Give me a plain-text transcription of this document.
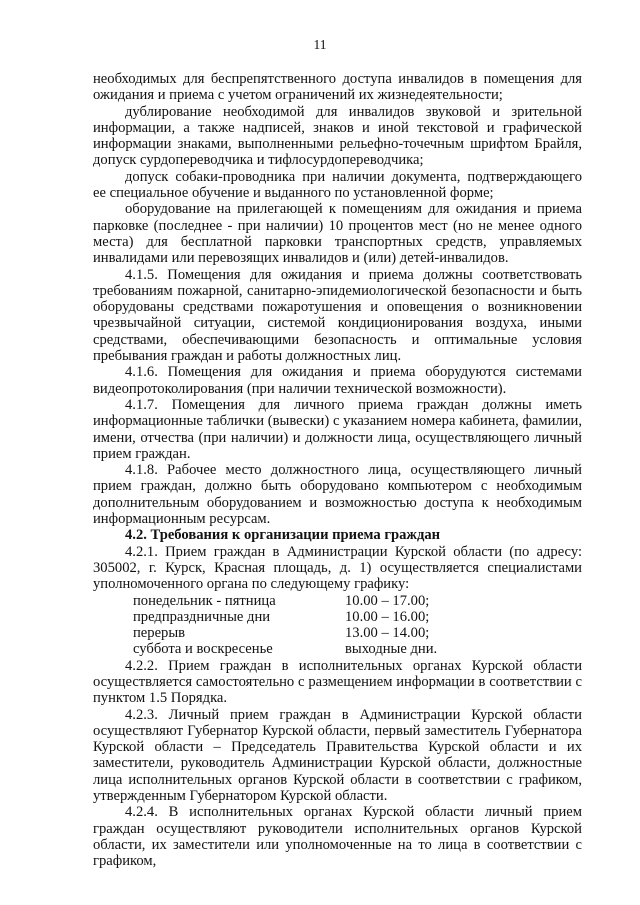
11

необходимых для беспрепятственного доступа инвалидов в помещения для ожидания и приема с учетом ограничений их жизнедеятельности;

дублирование необходимой для инвалидов звуковой и зрительной информации, а также надписей, знаков и иной текстовой и графической информации знаками, выполненными рельефно-точечным шрифтом Брайля, допуск сурдопереводчика и тифлосурдопереводчика;

допуск собаки-проводника при наличии документа, подтверждающего ее специальное обучение и выданного по установленной форме;

оборудование на прилегающей к помещениям для ожидания и приема парковке (последнее - при наличии) 10 процентов мест (но не менее одного места) для бесплатной парковки транспортных средств, управляемых инвалидами или перевозящих инвалидов и (или) детей-инвалидов.

4.1.5. Помещения для ожидания и приема должны соответствовать требованиям пожарной, санитарно-эпидемиологической безопасности и быть оборудованы средствами пожаротушения и оповещения о возникновении чрезвычайной ситуации, системой кондиционирования воздуха, иными средствами, обеспечивающими безопасность и оптимальные условия пребывания граждан и работы должностных лиц.

4.1.6. Помещения для ожидания и приема оборудуются системами видеопротоколирования (при наличии технической возможности).

4.1.7. Помещения для личного приема граждан должны иметь информационные таблички (вывески) с указанием номера кабинета, фамилии, имени, отчества (при наличии) и должности лица, осуществляющего личный прием граждан.

4.1.8. Рабочее место должностного лица, осуществляющего личный прием граждан, должно быть оборудовано компьютером с необходимым дополнительным оборудованием и возможностью доступа к необходимым информационным ресурсам.

4.2. Требования к организации приема граждан

4.2.1. Прием граждан в Администрации Курской области (по адресу: 305002, г. Курск, Красная площадь, д. 1) осуществляется специалистами уполномоченного органа по следующему графику:

понедельник - пятница	10.00 – 17.00;
предпраздничные дни	10.00 – 16.00;
перерыв	13.00 – 14.00;
суббота и воскресенье	выходные дни.

4.2.2. Прием граждан в исполнительных органах Курской области осуществляется самостоятельно с размещением информации в соответствии с пунктом 1.5 Порядка.

4.2.3. Личный прием граждан в Администрации Курской области осуществляют Губернатор Курской области, первый заместитель Губернатора Курской области – Председатель Правительства Курской области и их заместители, руководитель Администрации Курской области, должностные лица исполнительных органов Курской области в соответствии с графиком, утвержденным Губернатором Курской области.

4.2.4. В исполнительных органах Курской области личный прием граждан осуществляют руководители исполнительных органов Курской области, их заместители или уполномоченные на то лица в соответствии с графиком,
